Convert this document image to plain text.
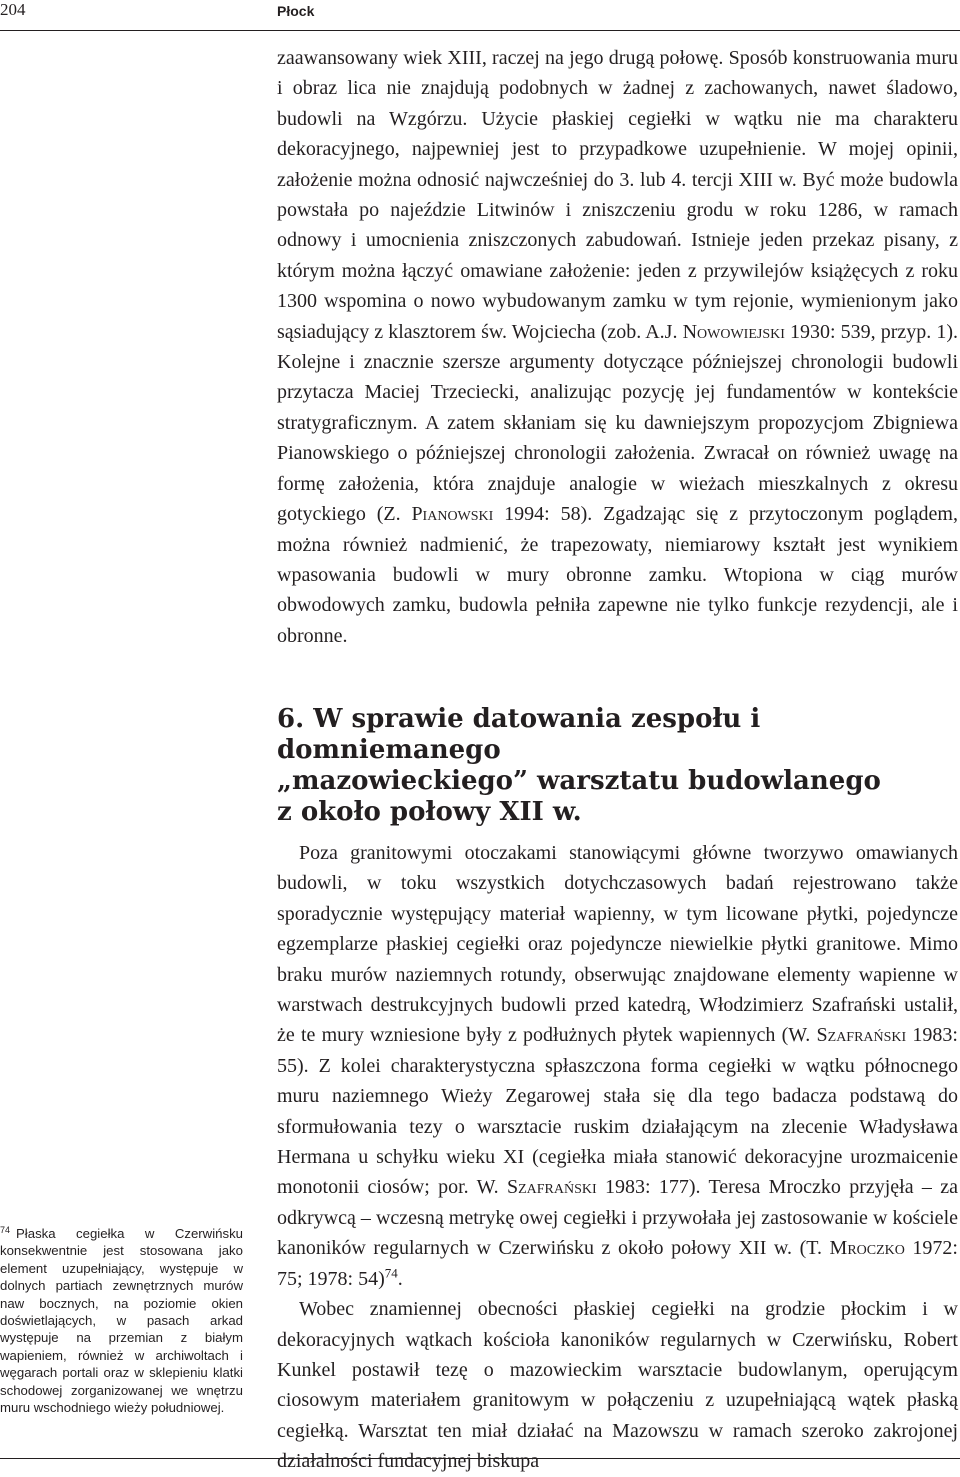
204	Płock

zaawansowany wiek XIII, raczej na jego drugą połowę. Sposób konstruowania muru i obraz lica nie znajdują podobnych w żadnej z zachowanych, nawet śladowo, budowli na Wzgórzu. Użycie płaskiej cegiełki w wątku nie ma charakteru dekoracyjnego, najpewniej jest to przypadkowe uzupełnienie. W mojej opinii, założenie można odnosić najwcześniej do 3. lub 4. tercji XIII w. Być może budowla powstała po najeździe Litwinów i zniszczeniu grodu w roku 1286, w ramach odnowy i umocnienia zniszczonych zabudowań. Istnieje jeden przekaz pisany, z którym można łączyć omawiane założenie: jeden z przywilejów książęcych z roku 1300 wspomina o nowo wybudowanym zamku w tym rejonie, wymienionym jako sąsiadujący z klasztorem św. Wojciecha (zob. A.J. Nowowiejski 1930: 539, przyp. 1). Kolejne i znacznie szersze argumenty dotyczące późniejszej chronologii budowli przytacza Maciej Trzeciecki, analizując pozycję jej fundamentów w kontekście stratygraficznym. A zatem skłaniam się ku dawniejszym propozycjom Zbigniewa Pianowskiego o późniejszej chronologii założenia. Zwracał on również uwagę na formę założenia, która znajduje analogie w wieżach mieszkalnych z okresu gotyckiego (Z. Pianowski 1994: 58). Zgadzając się z przytoczonym poglądem, można również nadmienić, że trapezowaty, niemiarowy kształt jest wynikiem wpasowania budowli w mury obronne zamku. Wtopiona w ciąg murów obwodowych zamku, budowla pełniła zapewne nie tylko funkcje rezydencji, ale i obronne.

6. W sprawie datowania zespołu i domniemanego
„mazowieckiego” warsztatu budowlanego
z około połowy XII w.

Poza granitowymi otoczakami stanowiącymi główne tworzywo omawianych budowli, w toku wszystkich dotychczasowych badań rejestrowano także sporadycznie występujący materiał wapienny, w tym licowane płytki, pojedyncze egzemplarze płaskiej cegiełki oraz pojedyncze niewielkie płytki granitowe. Mimo braku murów naziemnych rotundy, obserwując znajdowane elementy wapienne w warstwach destrukcyjnych budowli przed katedrą, Włodzimierz Szafrański ustalił, że te mury wzniesione były z podłużnych płytek wapiennych (W. Szafrański 1983: 55). Z kolei charakterystyczna spłaszczona forma cegiełki w wątku północnego muru naziemnego Wieży Zegarowej stała się dla tego badacza podstawą do sformułowania tezy o warsztacie ruskim działającym na zlecenie Władysława Hermana u schyłku wieku XI (cegiełka miała stanowić dekoracyjne urozmaicenie monotonii ciosów; por. W. Szafrański 1983: 177). Teresa Mroczko przyjęła – za odkrywcą – wczesną metrykę owej cegiełki i przywołała jej zastosowanie w kościele kanoników regularnych w Czerwińsku z około połowy XII w. (T. Mroczko 1972: 75; 1978: 54)$^{74}$.

Wobec znamiennej obecności płaskiej cegiełki na grodzie płockim i w dekoracyjnych wątkach kościoła kanoników regularnych w Czerwińsku, Robert Kunkel postawił tezę o mazowieckim warsztacie budowlanym, operującym ciosowym materiałem granitowym w połączeniu z uzupełniającą wątek płaską cegiełką. Warsztat ten miał działać na Mazowszu w ramach szeroko zakrojonej działalności fundacyjnej biskupa

$^{74}$ Płaska cegiełka w Czerwińsku konsekwentnie jest stosowana jako element uzupełniający, występuje w dolnych partiach zewnętrznych murów naw bocznych, na poziomie okien doświetlających, w pasach arkad występuje na przemian z białym wapieniem, również w archiwoltach i węgarach portali oraz w sklepieniu klatki schodowej zorganizowanej we wnętrzu muru wschodniego wieży południowej.
